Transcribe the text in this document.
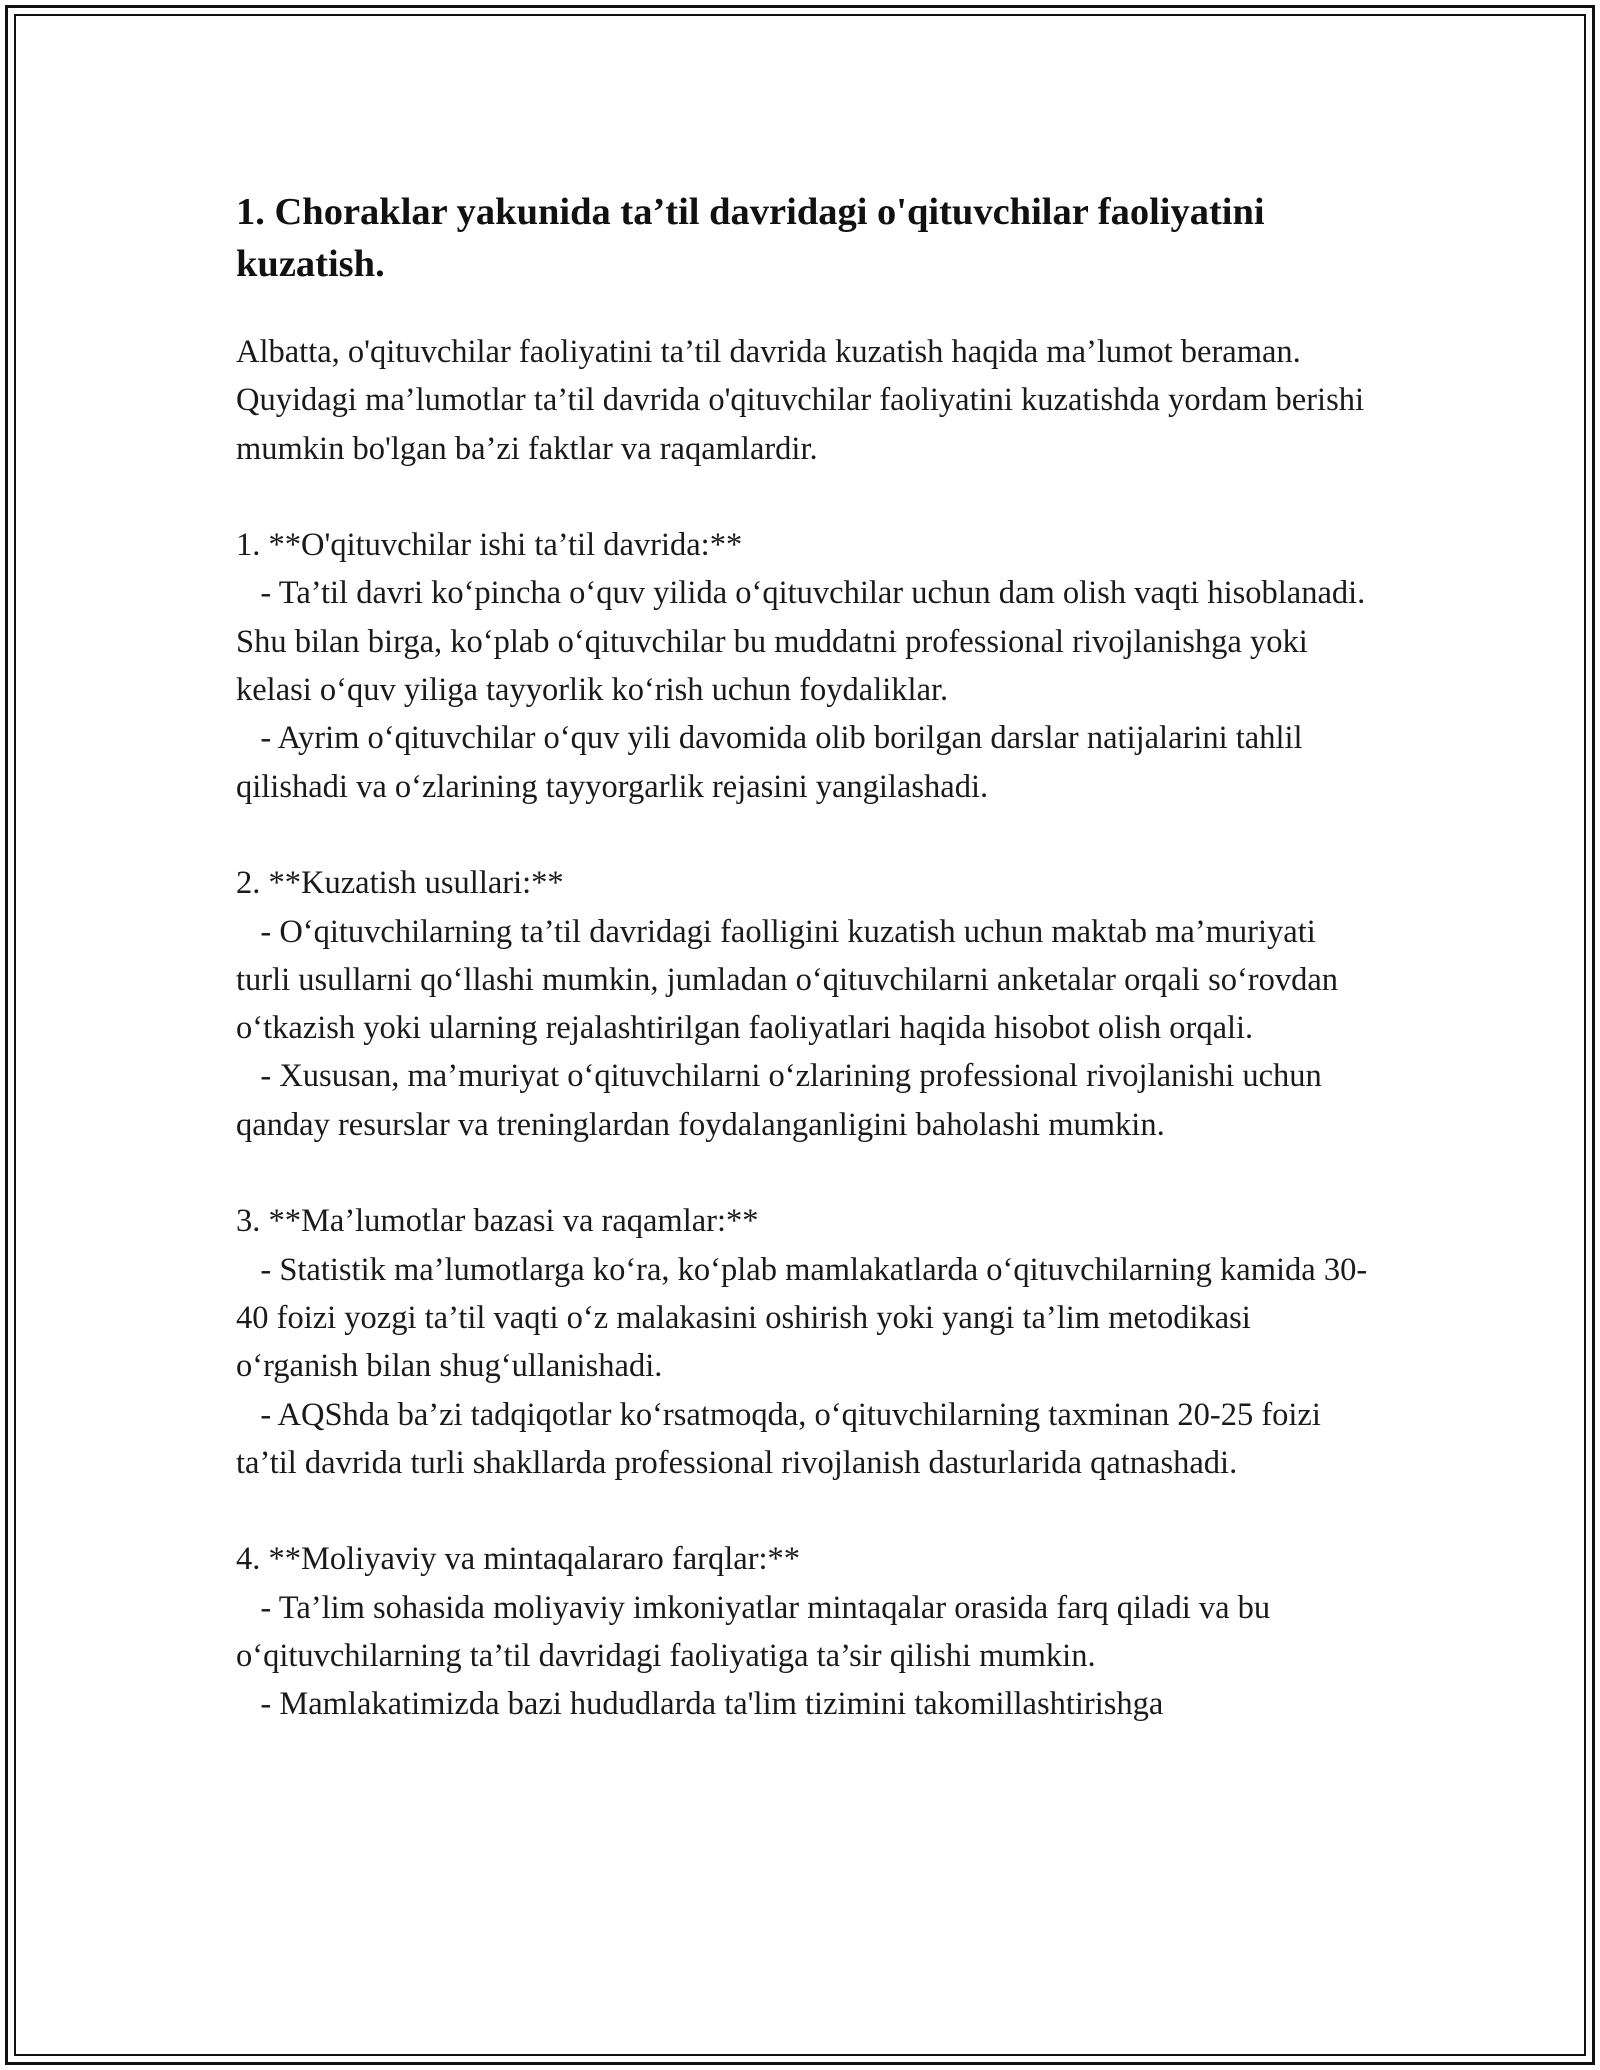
1. Choraklar yakunida ta’til davridagi o'qituvchilar faoliyatini kuzatish.

Albatta, o'qituvchilar faoliyatini ta’til davrida kuzatish haqida ma’lumot beraman. Quyidagi ma’lumotlar ta’til davrida o'qituvchilar faoliyatini kuzatishda yordam berishi mumkin bo'lgan ba’zi faktlar va raqamlardir.

1. **O'qituvchilar ishi ta’til davrida:**

- Ta’til davri ko‘pincha o‘quv yilida o‘qituvchilar uchun dam olish vaqti hisoblanadi. Shu bilan birga, ko‘plab o‘qituvchilar bu muddatni professional rivojlanishga yoki kelasi o‘quv yiliga tayyorlik ko‘rish uchun foydaliklar.

- Ayrim o‘qituvchilar o‘quv yili davomida olib borilgan darslar natijalarini tahlil qilishadi va o‘zlarining tayyorgarlik rejasini yangilashadi.

2. **Kuzatish usullari:**

- O‘qituvchilarning ta’til davridagi faolligini kuzatish uchun maktab ma’muriyati turli usullarni qo‘llashi mumkin, jumladan o‘qituvchilarni anketalar orqali so‘rovdan o‘tkazish yoki ularning rejalashtirilgan faoliyatlari haqida hisobot olish orqali.

- Xususan, ma’muriyat o‘qituvchilarni o‘zlarining professional rivojlanishi uchun qanday resurslar va treninglardan foydalanganligini baholashi mumkin.

3. **Ma’lumotlar bazasi va raqamlar:**

- Statistik ma’lumotlarga ko‘ra, ko‘plab mamlakatlarda o‘qituvchilarning kamida 30-40 foizi yozgi ta’til vaqti o‘z malakasini oshirish yoki yangi ta’lim metodikasi o‘rganish bilan shug‘ullanishadi.

- AQShda ba’zi tadqiqotlar ko‘rsatmoqda, o‘qituvchilarning taxminan 20-25 foizi ta’til davrida turli shakllarda professional rivojlanish dasturlarida qatnashadi.

4. **Moliyaviy va mintaqalararo farqlar:**

- Ta’lim sohasida moliyaviy imkoniyatlar mintaqalar orasida farq qiladi va bu o‘qituvchilarning ta’til davridagi faoliyatiga ta’sir qilishi mumkin.

- Mamlakatimizda bazi hududlarda ta'lim tizimini takomillashtirishga
